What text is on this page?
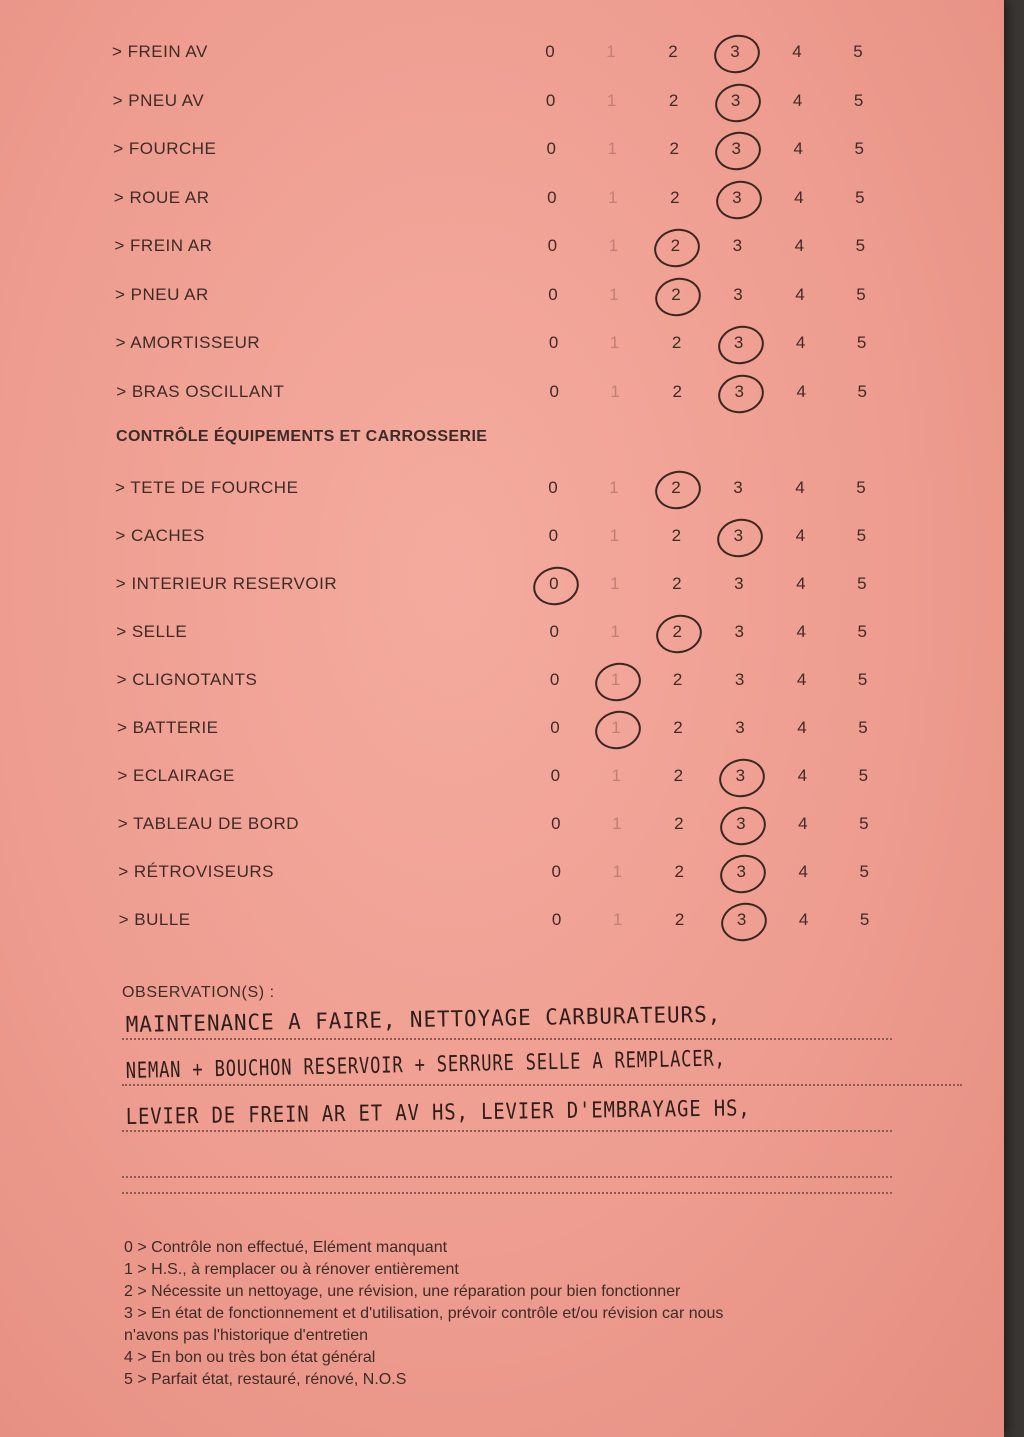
> FREIN AV	0	1	2	3	4	5
> PNEU AV	0	1	2	3	4	5
> FOURCHE	0	1	2	3	4	5
> ROUE AR	0	1	2	3	4	5
> FREIN AR	0	1	2	3	4	5
> PNEU AR	0	1	2	3	4	5
> AMORTISSEUR	0	1	2	3	4	5
> BRAS OSCILLANT	0	1	2	3	4	5
> TETE DE FOURCHE	0	1	2	3	4	5
> CACHES	0	1	2	3	4	5
> INTERIEUR RESERVOIR	0	1	2	3	4	5
> SELLE	0	1	2	3	4	5
> CLIGNOTANTS	0	1	2	3	4	5
> BATTERIE	0	1	2	3	4	5
> ECLAIRAGE	0	1	2	3	4	5
> TABLEAU DE BORD	0	1	2	3	4	5
> RÉTROVISEURS	0	1	2	3	4	5
> BULLE	0	1	2	3	4	5
CONTRÔLE ÉQUIPEMENTS ET CARROSSERIE
OBSERVATION(S) :
MAINTENANCE A FAIRE, NETTOYAGE CARBURATEURS,
NEMAN + BOUCHON RESERVOIR + SERRURE SELLE A REMPLACER,
LEVIER DE FREIN AR ET AV HS, LEVIER D'EMBRAYAGE HS,
0 > Contrôle non effectué, Elément manquant
1 > H.S., à remplacer ou à rénover entièrement
2 > Nécessite un nettoyage, une révision, une réparation pour bien fonctionner
3 > En état de fonctionnement et d'utilisation, prévoir contrôle et/ou révision car nous
n'avons pas l'historique d'entretien
4 > En bon ou très bon état général
5 > Parfait état, restauré, rénové, N.O.S
